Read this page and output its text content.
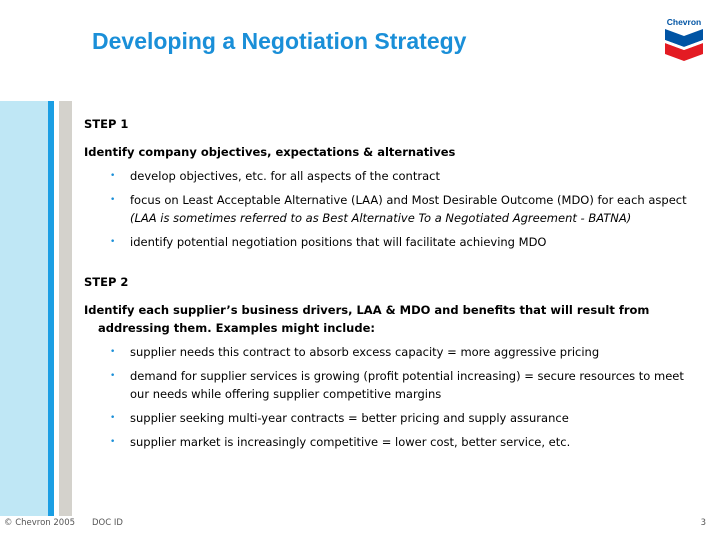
Developing a Negotiation Strategy
Chevron

STEP 1

Identify company objectives, expectations & alternatives

• develop objectives, etc. for all aspects of the contract
• focus on Least Acceptable Alternative (LAA) and Most Desirable Outcome (MDO) for each aspect   (LAA is sometimes referred to as Best Alternative To a Negotiated Agreement - BATNA)
• identify potential negotiation positions that will facilitate achieving MDO

STEP 2

Identify each supplier’s business drivers, LAA & MDO and benefits that will result from addressing them. Examples might include:

• supplier needs this contract to absorb excess capacity = more aggressive pricing
• demand for supplier services is growing (profit potential increasing) = secure resources to meet our needs while offering supplier competitive margins
• supplier seeking multi-year contracts = better pricing and supply assurance
• supplier market is increasingly competitive = lower cost, better service, etc.
© Chevron 2005 DOC ID	3
